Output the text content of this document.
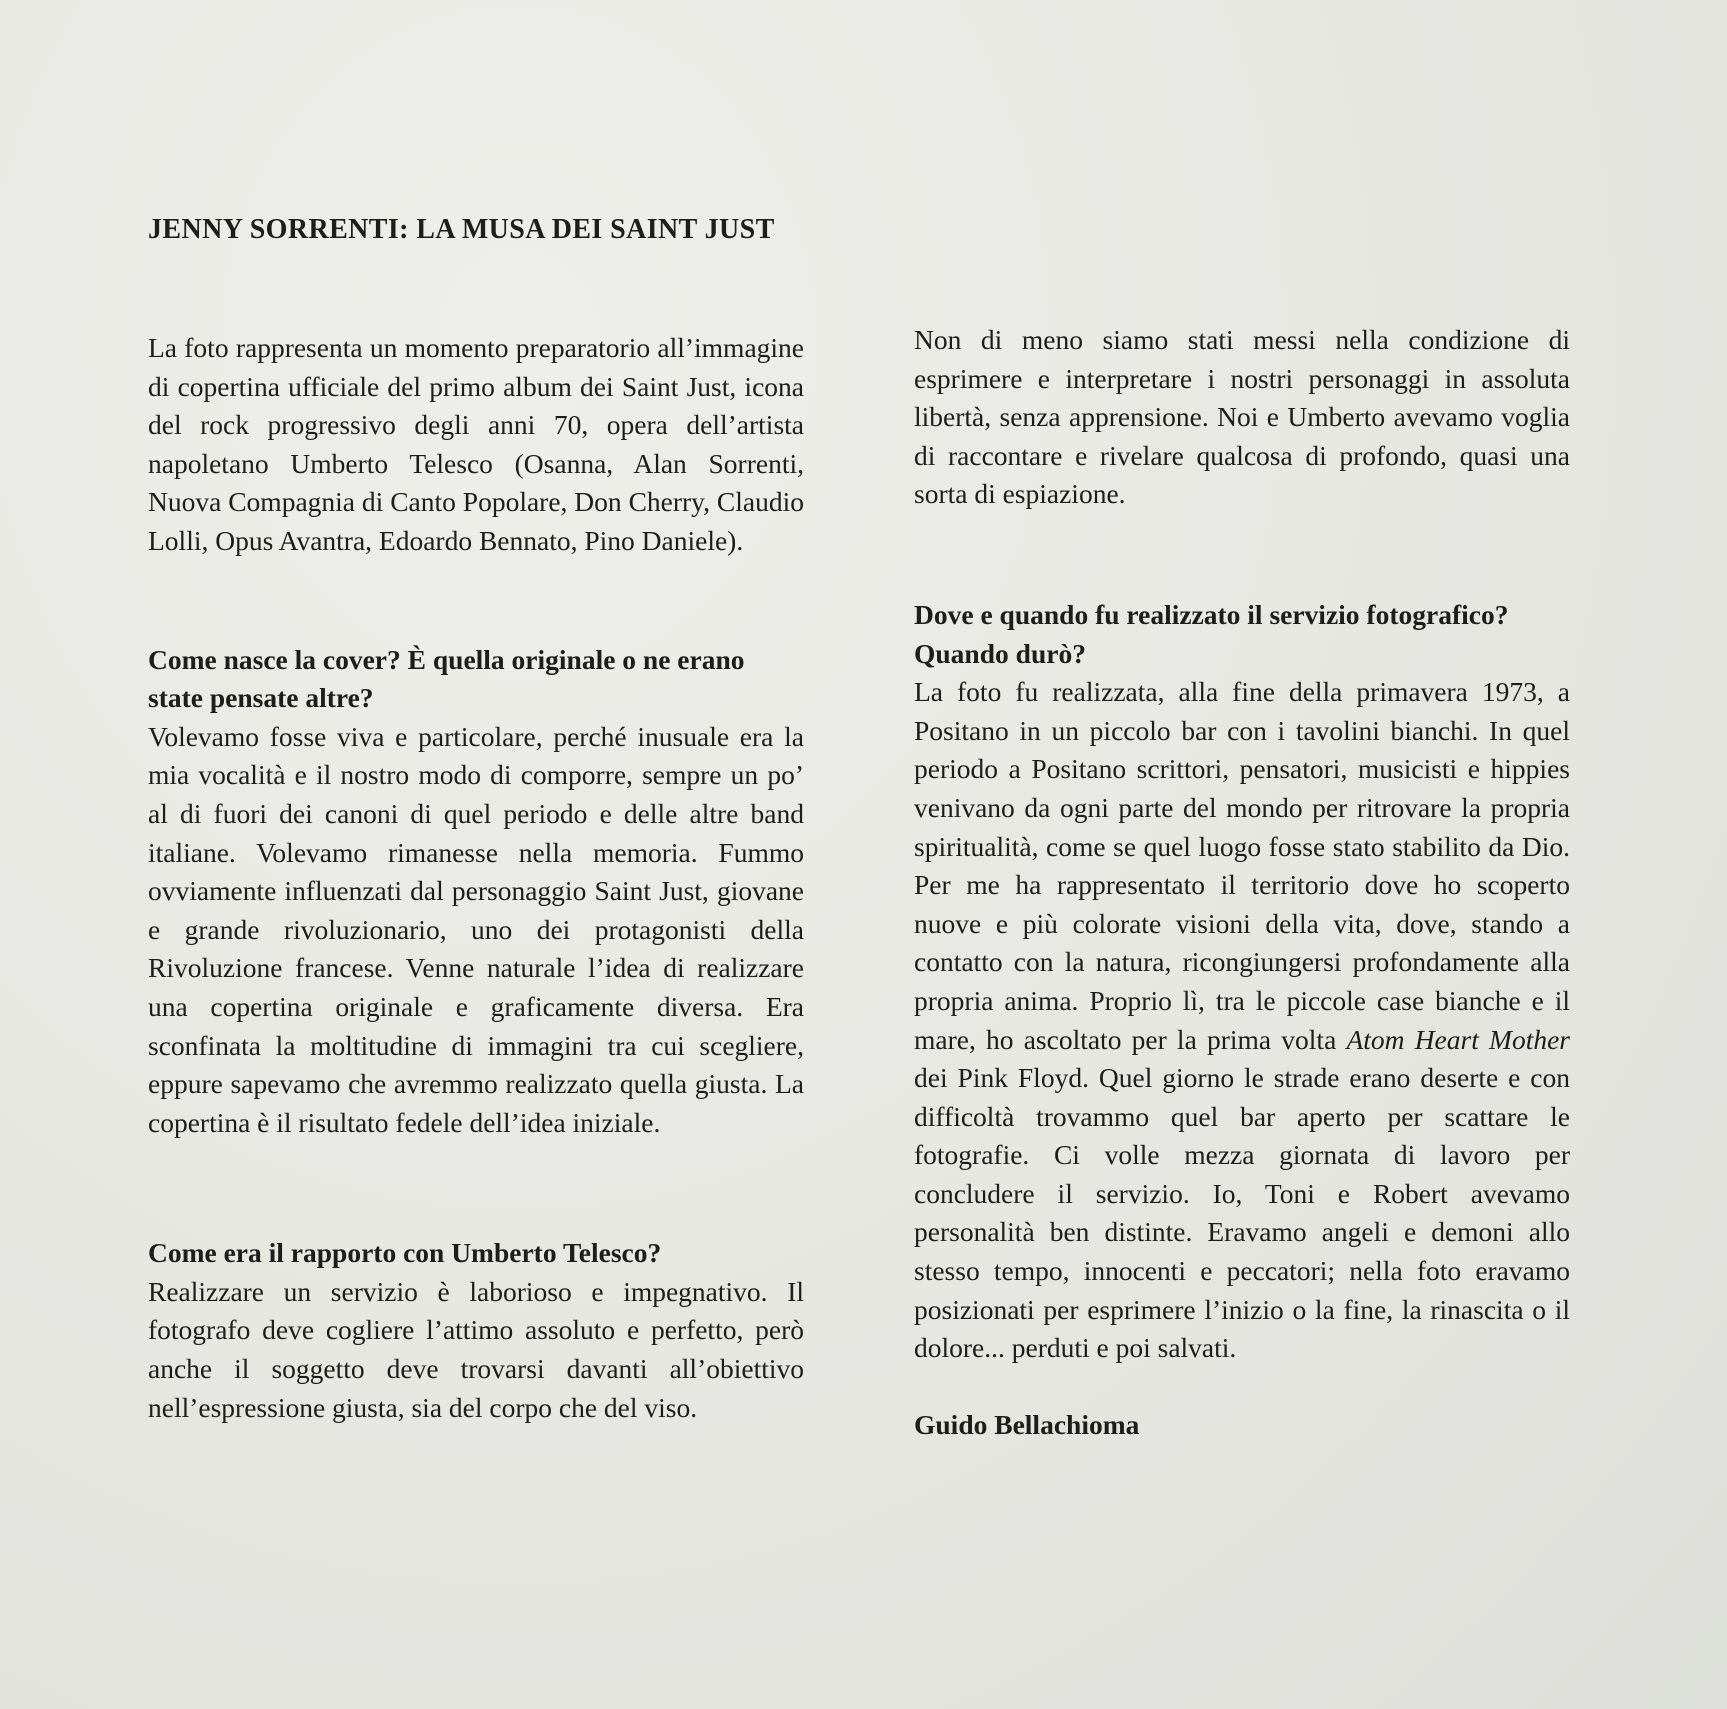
JENNY SORRENTI: LA MUSA DEI SAINT JUST

La foto rappresenta un momento preparatorio all’immagine di copertina ufficiale del primo album dei Saint Just, icona del rock progressivo degli anni 70, opera dell’artista napoletano Umberto Telesco (Osanna, Alan Sorrenti, Nuova Compagnia di Canto Popolare, Don Cherry, Claudio Lolli, Opus Avantra, Edoardo Bennato, Pino Daniele).

Come nasce la cover? È quella originale o ne erano state pensate altre?

Volevamo fosse viva e particolare, perché inusuale era la mia vocalità e il nostro modo di comporre, sempre un po’ al di fuori dei canoni di quel periodo e delle altre band italiane. Volevamo rimanesse nella memoria. Fummo ovviamente influenzati dal personaggio Saint Just, giovane e grande rivoluzionario, uno dei protagonisti della Rivoluzione francese. Venne naturale l’idea di realizzare una copertina originale e graficamente diversa. Era sconfinata la moltitudine di immagini tra cui scegliere, eppure sapevamo che avremmo realizzato quella giusta. La copertina è il risultato fedele dell’idea iniziale.

Come era il rapporto con Umberto Telesco?

Realizzare un servizio è laborioso e impegnativo. Il fotografo deve cogliere l’attimo assoluto e perfetto, però anche il soggetto deve trovarsi davanti all’obiettivo nell’espressione giusta, sia del corpo che del viso.

Non di meno siamo stati messi nella condizione di esprimere e interpretare i nostri personaggi in assoluta libertà, senza apprensione. Noi e Umberto avevamo voglia di raccontare e rivelare qualcosa di profondo, quasi una sorta di espiazione.

Dove e quando fu realizzato il servizio fotografico? Quando durò?

La foto fu realizzata, alla fine della primavera 1973, a Positano in un piccolo bar con i tavolini bianchi. In quel periodo a Positano scrittori, pensatori, musicisti e hippies venivano da ogni parte del mondo per ritrovare la propria spiritualità, come se quel luogo fosse stato stabilito da Dio. Per me ha rappresentato il territorio dove ho scoperto nuove e più colorate visioni della vita, dove, stando a contatto con la natura, ricongiungersi profondamente alla propria anima. Proprio lì, tra le piccole case bianche e il mare, ho ascoltato per la prima volta Atom Heart Mother dei Pink Floyd. Quel giorno le strade erano deserte e con difficoltà trovammo quel bar aperto per scattare le fotografie. Ci volle mezza giornata di lavoro per concludere il servizio. Io, Toni e Robert avevamo personalità ben distinte. Eravamo angeli e demoni allo stesso tempo, innocenti e peccatori; nella foto eravamo posizionati per esprimere l’inizio o la fine, la rinascita o il dolore... perduti e poi salvati.

Guido Bellachioma
